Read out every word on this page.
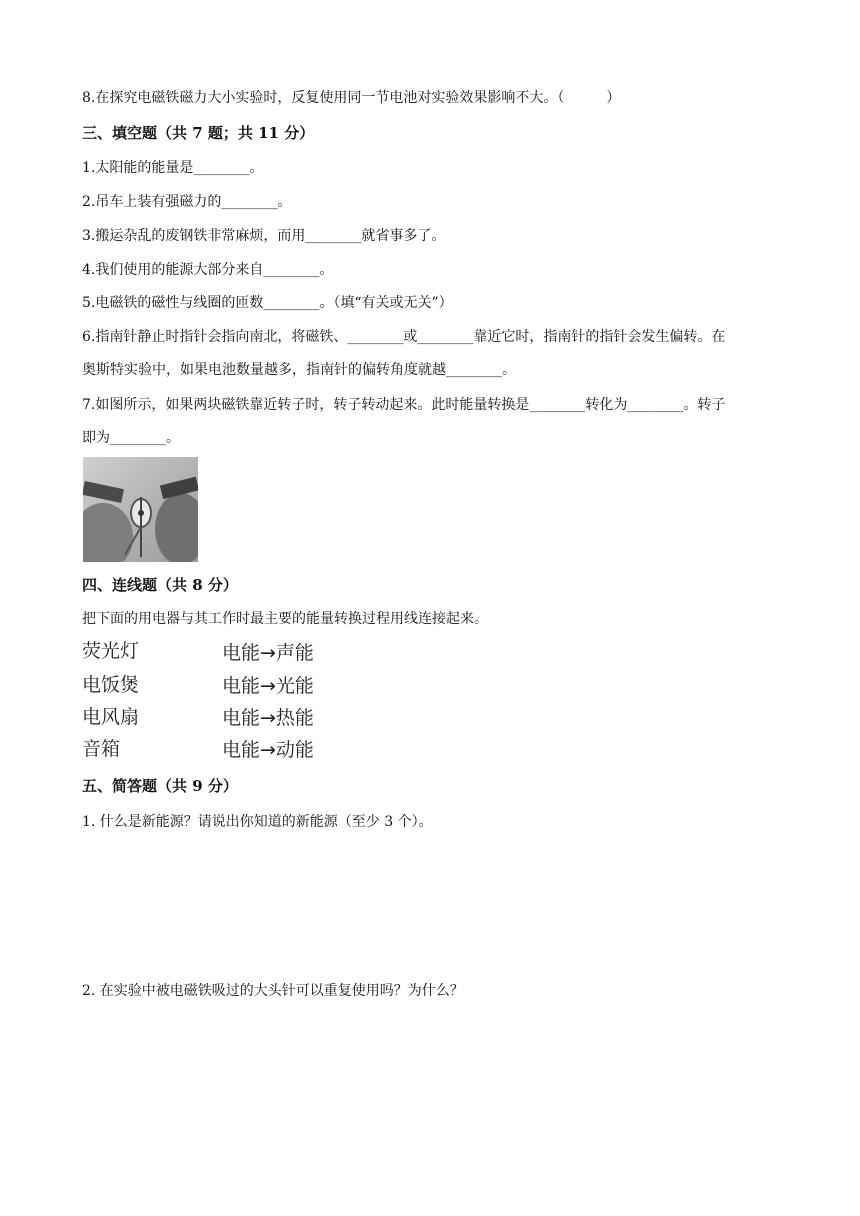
8.在探究电磁铁磁力大小实验时，反复使用同一节电池对实验效果影响不大。（　　　）
三、填空题（共 7 题；共 11 分）
1.太阳能的能量是________。
2.吊车上装有强磁力的________。
3.搬运杂乱的废钢铁非常麻烦，而用________就省事多了。
4.我们使用的能源大部分来自________。
5.电磁铁的磁性与线圈的匝数________。（填“有关或无关”）
6.指南针静止时指针会指向南北，将磁铁、________或________靠近它时，指南针的指针会发生偏转。在
奥斯特实验中，如果电池数量越多，指南针的偏转角度就越________。
7.如图所示，如果两块磁铁靠近转子时，转子转动起来。此时能量转换是________转化为________。转子
即为________。
四、连线题（共 8 分）
把下面的用电器与其工作时最主要的能量转换过程用线连接起来。
荧光灯
电饭煲
电风扇
音箱
电能→声能
电能→光能
电能→热能
电能→动能
五、简答题（共 9 分）
1. 什么是新能源？请说出你知道的新能源（至少 3 个）。
2. 在实验中被电磁铁吸过的大头针可以重复使用吗？为什么？
